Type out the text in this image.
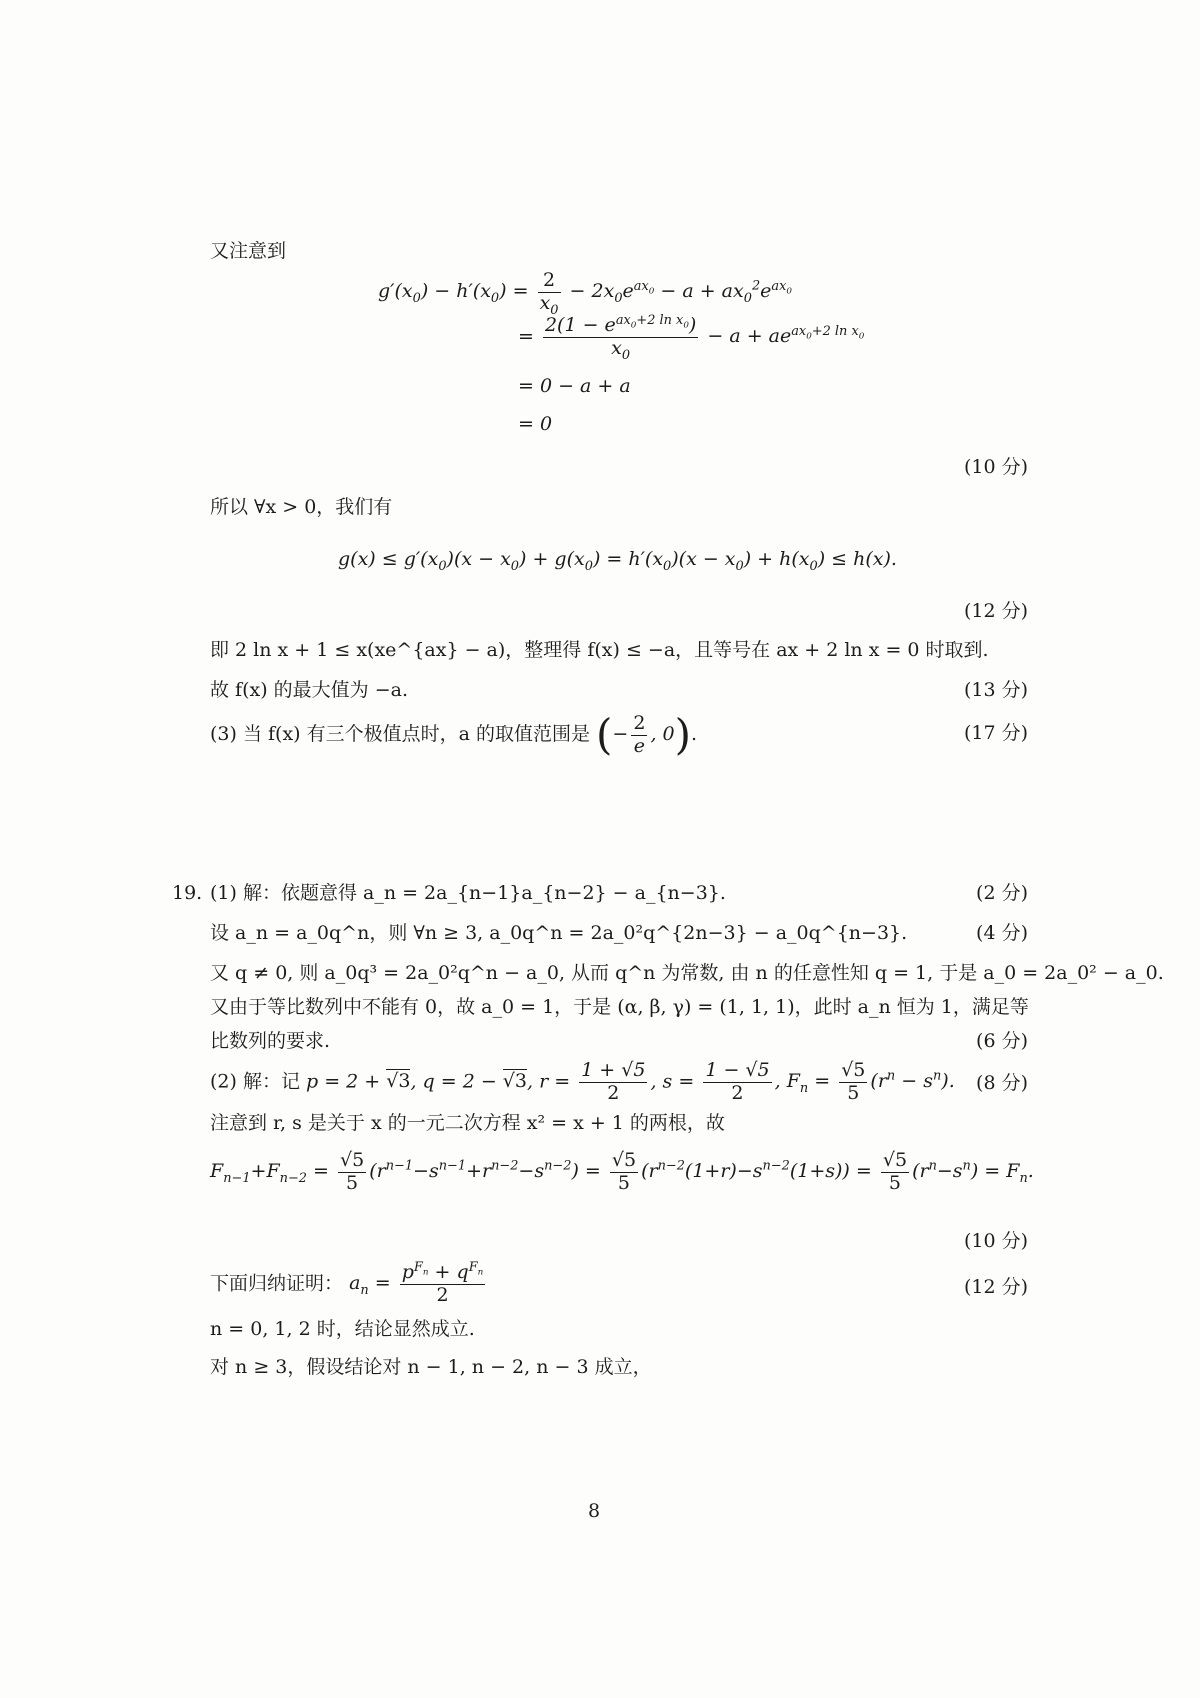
又注意到
$g'(x_0) - h'(x_0) = \frac{2}{x_0} - 2x_0e^{ax_0} - a + ax_0^2e^{ax_0}$
=
$2(1 - e^{ax_0+2 ln x_0})$
$x_0$
− $a + ae^{ax_0+2 ln x_0}$
= 0 − a + a
= 0
(10 分)
所以 ∀x > 0，我们有
$g(x) \le g'(x_0)(x - x_0) + g(x_0) = h'(x_0)(x - x_0) + h(x_0) \le h(x)$.
(12 分)
即 2 ln x + 1 ≤ x(xe^{ax} − a)，整理得 f(x) ≤ −a，且等号在 ax + 2 ln x = 0 时取到.
故 f(x) 的最大值为 −a.	(13 分)
(3) 当 f(x) 有三个极值点时，a 的取值范围是 (− $\frac{2}{e}$ , 0).	(17 分)
19. (1) 解：依题意得 a_n = 2a_{n−1}a_{n−2} − a_{n−3}.	(2 分)
设 a_n = a_0q^n，则 ∀n ≥ 3, a_0q^n = 2a_0²q^{2n−3} − a_0q^{n−3}.	(4 分)
又 q ≠ 0, 则 a_0q³ = 2a_0²q^n − a_0, 从而 q^n 为常数, 由 n 的任意性知 q = 1, 于是 a_0 = 2a_0² − a_0.
又由于等比数列中不能有 0，故 a_0 = 1，于是 (α, β, γ) = (1, 1, 1)，此时 a_n 恒为 1，满足等
比数列的要求.	(6 分)
(2) 解：记 p = 2 + √3, q = 2 − √3, $r = \frac{1 + √5}{2}$ , $s = \frac{1 - √5}{2}$ , $F_n = \frac{√5}{5} (r^n - s^n)$. (8 分)
注意到 r, s 是关于 x 的一元二次方程 x² = x + 1 的两根，故
$F_{n-1}+F_{n-2} = \frac{√5}{5} (r^{n-1}-s^{n-1}+r^{n-2}-s^{n-2}) = \frac{√5}{5} (r^{n-2}(1+r)-s^{n-2}(1+s)) = \frac{√5}{5} (r^n-s^n) = F_n$.
(10 分)
下面归纳证明： $a_n$ =
$p^{F_n} + q^{F_n}$
2	(12 分)
n = 0, 1, 2 时，结论显然成立.
对 n ≥ 3，假设结论对 n − 1, n − 2, n − 3 成立，
8
